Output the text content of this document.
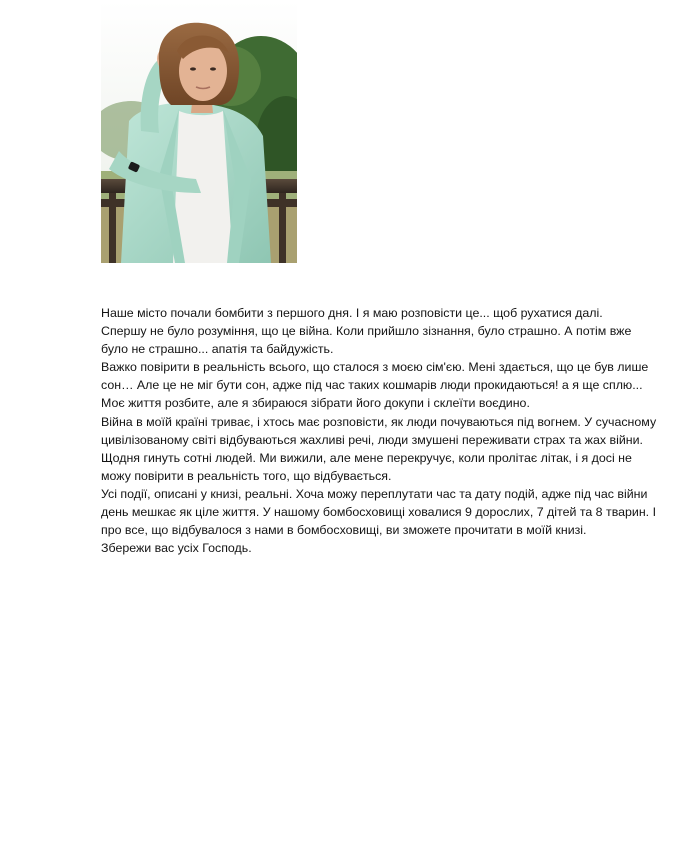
Наше місто почали бомбити з першого дня. І я маю розповісти це... щоб рухатися далі.

Спершу не було розуміння, що це війна. Коли прийшло зізнання, було страшно. А потім вже було не страшно... апатія та байдужість.

Важко повірити в реальність всього, що сталося з моєю сім'єю. Мені здається, що це був лише сон… Але це не міг бути сон, адже під час таких кошмарів люди прокидаються! а я ще сплю...

Моє життя розбите, але я збираюся зібрати його докупи і склеїти воєдино.

Війна в моїй країні триває, і хтось має розповісти, як люди почуваються під вогнем. У сучасному цивілізованому світі відбуваються жахливі речі, люди змушені переживати страх та жах війни. Щодня гинуть сотні людей. Ми вижили, але мене перекручує, коли пролітає літак, і я досі не можу повірити в реальність того, що відбувається.

Усі події, описані у книзі, реальні. Хоча можу переплутати час та дату подій, адже під час війни день мешкає як ціле життя. У нашому бомбосховищі ховалися 9 дорослих, 7 дітей та 8 тварин. І про все, що відбувалося з нами в бомбосховищі, ви зможете прочитати в моїй книзі.

Збережи вас усіх Господь.
